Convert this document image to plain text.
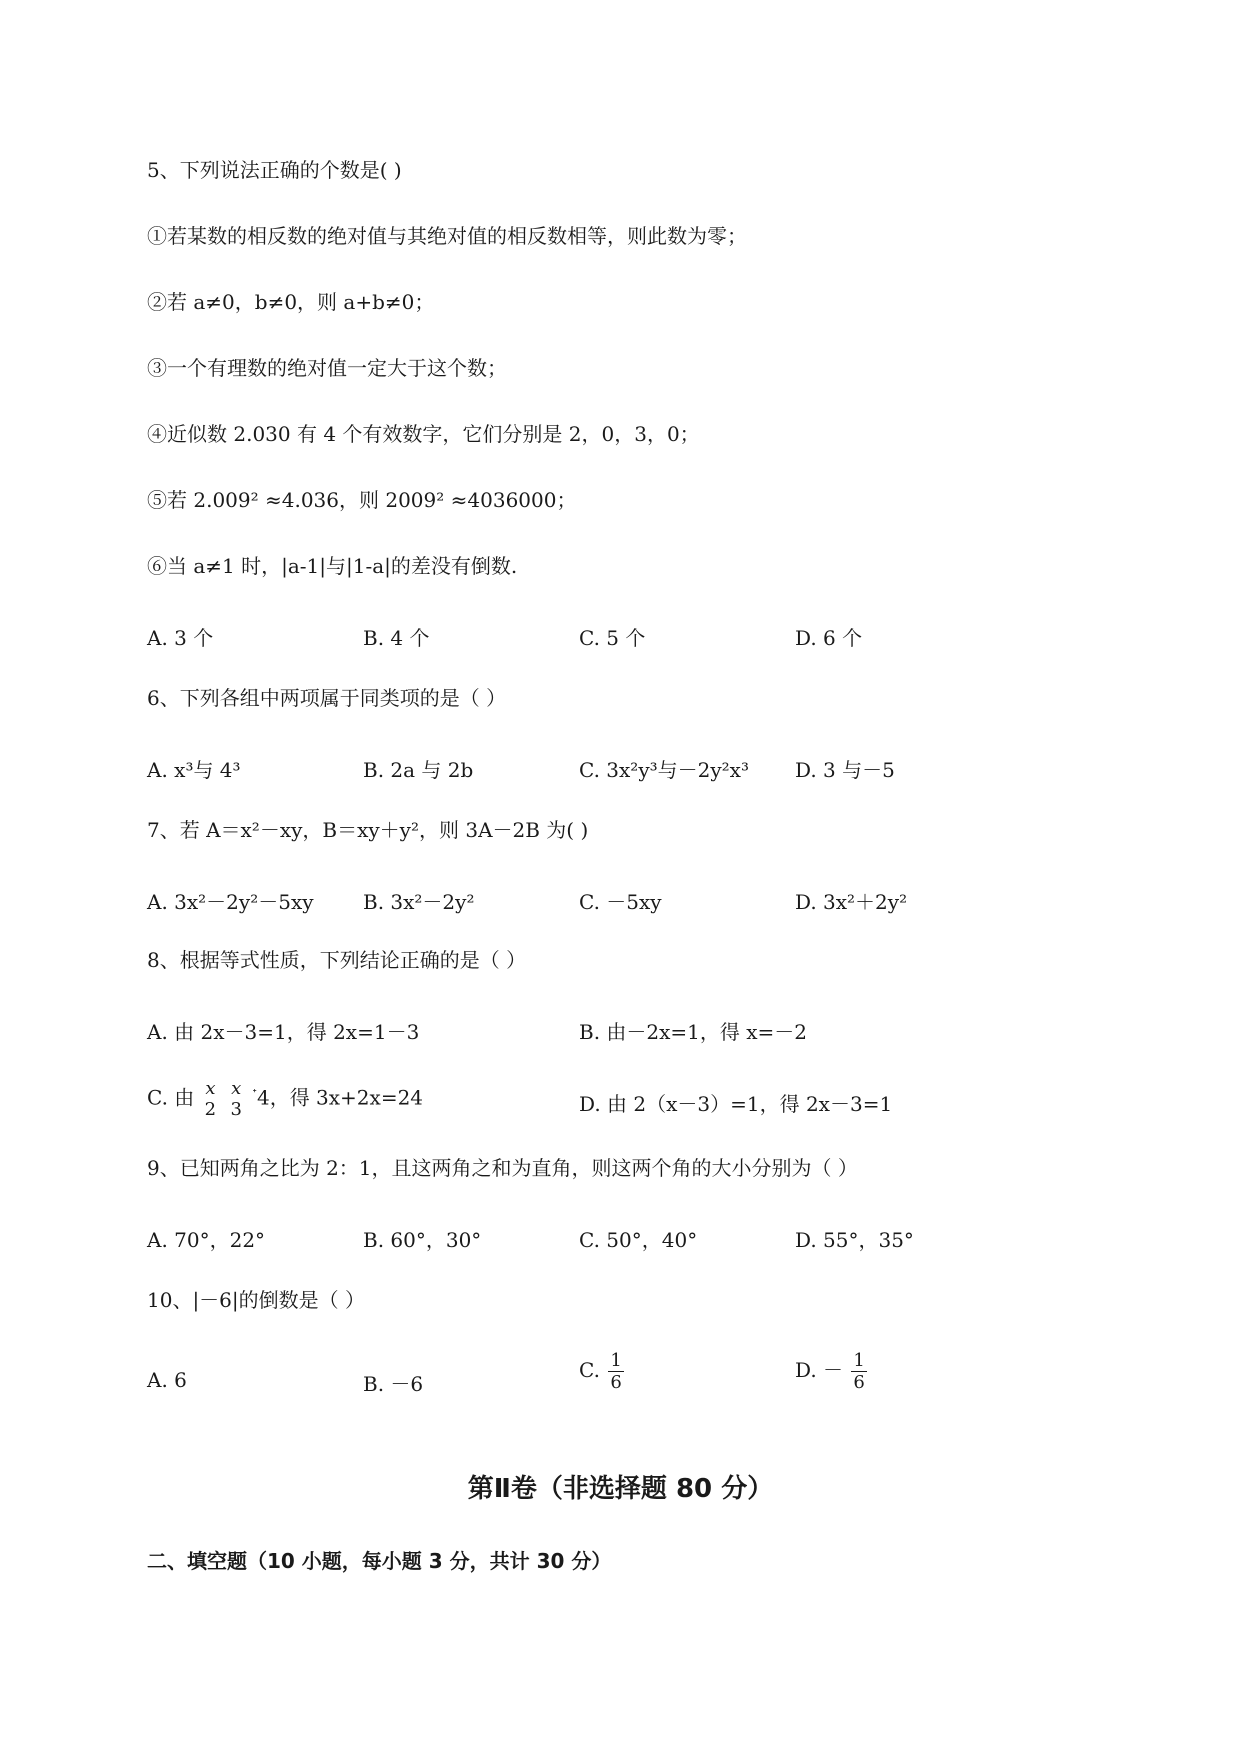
5、下列说法正确的个数是( )
①若某数的相反数的绝对值与其绝对值的相反数相等，则此数为零；
②若 a≠0，b≠0，则 a+b≠0；
③一个有理数的绝对值一定大于这个数；
④近似数 2.030 有 4 个有效数字，它们分别是 2，0，3，0；
⑤若 2.009² ≈4.036，则 2009² ≈4036000；
⑥当 a≠1 时，|a-1|与|1-a|的差没有倒数.
A. 3 个	B. 4 个	C. 5 个	D. 6 个
6、下列各组中两项属于同类项的是（ ）
A. x³与 4³	B. 2a 与 2b	C. 3x²y³与－2y²x³ D. 3 与－5
7、若 A＝x²－xy，B＝xy＋y²，则 3A－2B 为( )
A. 3x²－2y²－5xy B. 3x²－2y²	C. －5xy	D. 3x²＋2y²
8、根据等式性质，下列结论正确的是（ ）
A. 由 2x－3=1，得 2x=1－3	B. 由－2x=1，得 x=－2
C. 由 x
2

x
3
$^ᐩ$4，得 3x+2x=24	D. 由 2（x－3）=1，得 2x－3=1
9、已知两角之比为 2：1，且这两角之和为直角，则这两个角的大小分别为（ ）
A. 70°，22°	B. 60°，30°	C. 50°，40°	D. 55°，35°
10、|－6|的倒数是（ ）
A. 6	B. －6
C. $\frac{1}{6}$	D. － $\frac{1}{6}$
第Ⅱ卷（非选择题 80 分）
二、填空题（10 小题，每小题 3 分，共计 30 分）
